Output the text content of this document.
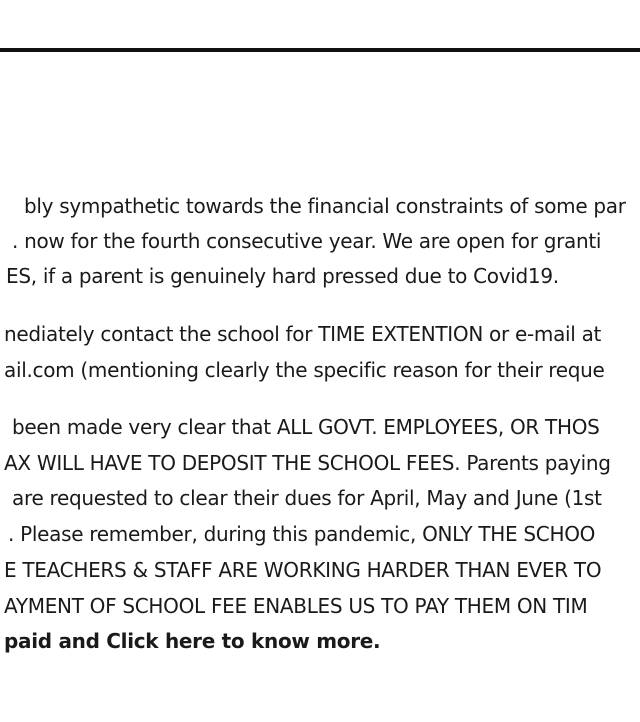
bly sympathetic towards the financial constraints of some par
. now for the fourth consecutive year. We are open for granti
ES, if a parent is genuinely hard pressed due to Covid19.
nediately contact the school for TIME EXTENTION or e-mail at
ail.com (mentioning clearly the specific reason for their reque
been made very clear that ALL GOVT. EMPLOYEES, OR THOS
AX WILL HAVE TO DEPOSIT THE SCHOOL FEES. Parents paying
are requested to clear their dues for April, May and June (1st
. Please remember, during this pandemic, ONLY THE SCHOO
E TEACHERS & STAFF ARE WORKING HARDER THAN EVER TO
AYMENT OF SCHOOL FEE ENABLES US TO PAY THEM ON TIM
paid and Click here to know more.
